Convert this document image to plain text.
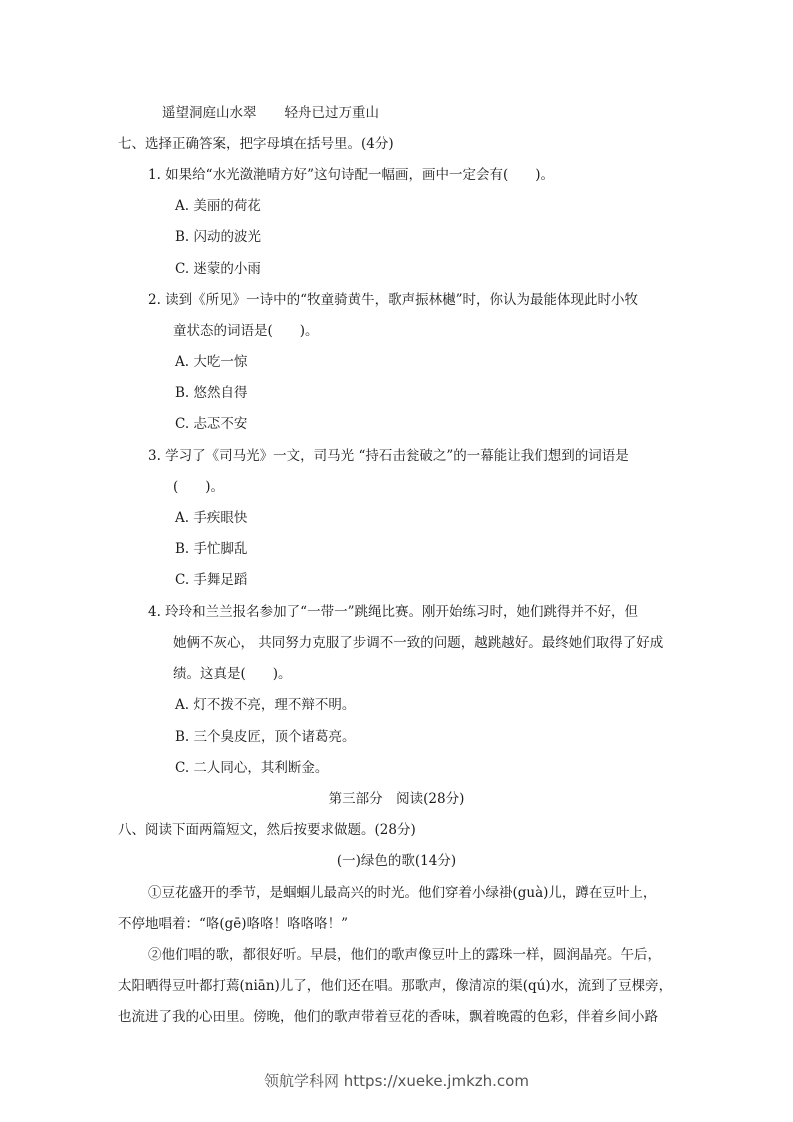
遥望洞庭山水翠 轻舟已过万重山
七、选择正确答案，把字母填在括号里。(4分)
1. 如果给“水光潋滟晴方好”这句诗配一幅画，画中一定会有(　　)。
A. 美丽的荷花
B. 闪动的波光
C. 迷蒙的小雨
2. 读到《所见》一诗中的“牧童骑黄牛，歌声振林樾”时，你认为最能体现此时小牧
童状态的词语是(　　)。
A. 大吃一惊
B. 悠然自得
C. 忐忑不安
3. 学习了《司马光》一文，司马光 “持石击瓮破之”的一幕能让我们想到的词语是
(　　)。
A. 手疾眼快
B. 手忙脚乱
C. 手舞足蹈
4. 玲玲和兰兰报名参加了“一带一”跳绳比赛。刚开始练习时，她们跳得并不好，但
她俩不灰心， 共同努力克服了步调不一致的问题，越跳越好。最终她们取得了好成
绩。这真是(　　)。
A. 灯不拨不亮，理不辩不明。
B. 三个臭皮匠，顶个诸葛亮。
C. 二人同心，其利断金。
第三部分　阅读(28分)
八、阅读下面两篇短文，然后按要求做题。(28分)
(一)绿色的歌(14分)
①豆花盛开的季节，是蝈蝈儿最高兴的时光。他们穿着小绿褂(guà)儿，蹲在豆叶上，
不停地唱着：“咯(gē)咯咯！咯咯咯！”
②他们唱的歌，都很好听。早晨，他们的歌声像豆叶上的露珠一样，圆润晶亮。午后，
太阳晒得豆叶都打蔫(niān)儿了，他们还在唱。那歌声，像清凉的渠(qú)水，流到了豆棵旁，
也流进了我的心田里。傍晚，他们的歌声带着豆花的香味，飘着晚霞的色彩，伴着乡间小路
领航学科网 https://xueke.jmkzh.com
